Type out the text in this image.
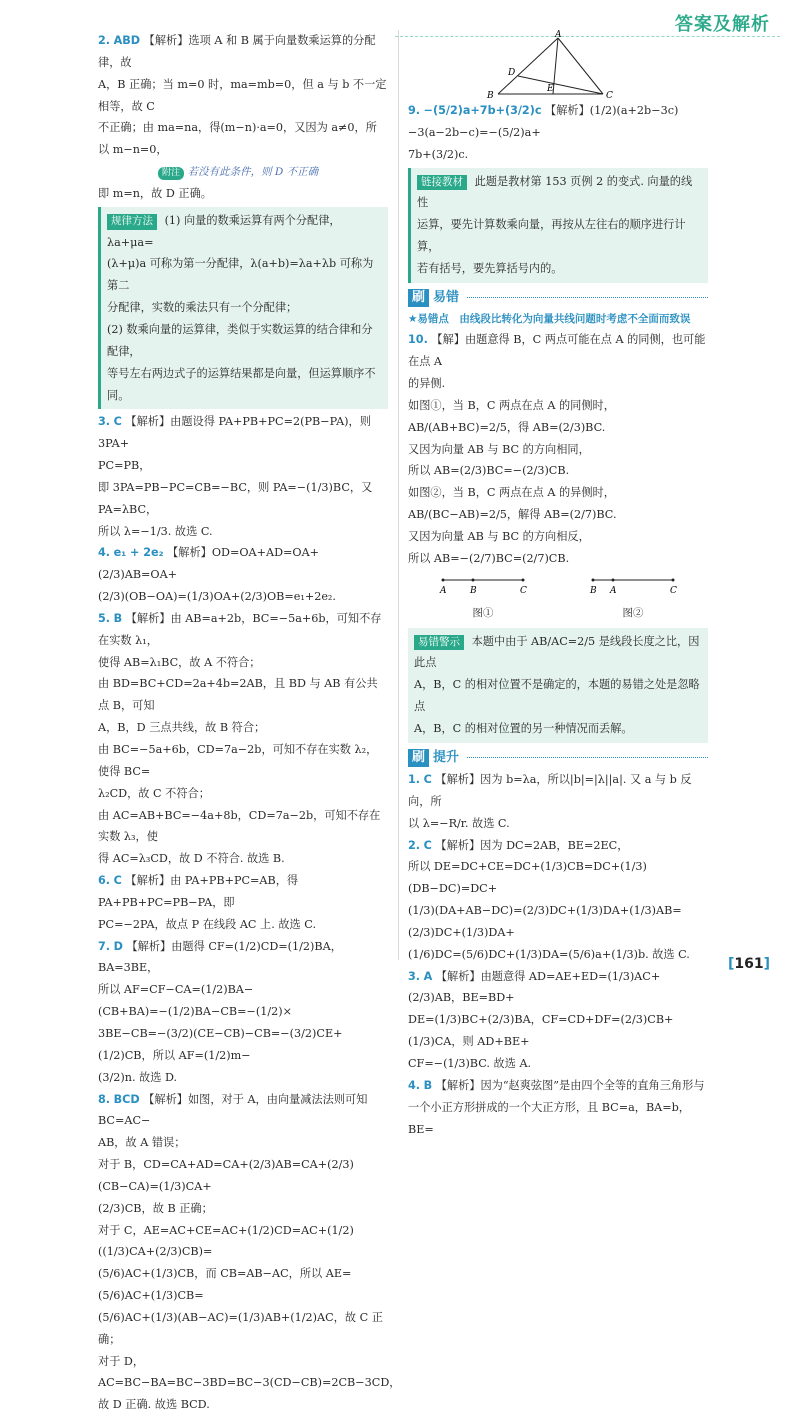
答案及解析
2. ABD 【解析】选项 A 和 B 属于向量数乘运算的分配律，故
A，B 正确；当 m=0 时，ma=mb=0，但 a 与 b 不一定相等，故 C
不正确；由 ma=na，得(m−n)·a=0，又因为 a≠0，所以 m−n=0，
附注 若没有此条件，则 D 不正确
即 m=n，故 D 正确。
规律方法 (1) 向量的数乘运算有两个分配律，λa+μa=
(λ+μ)a 可称为第一分配律，λ(a+b)=λa+λb 可称为第二
分配律，实数的乘法只有一个分配律；
(2) 数乘向量的运算律，类似于实数运算的结合律和分配律，
等号左右两边式子的运算结果都是向量，但运算顺序不同。
3. C 【解析】由题设得 PA+PB+PC=2(PB−PA)，则 3PA+
PC=PB，
即 3PA=PB−PC=CB=−BC，则 PA=−(1/3)BC，又 PA=λBC，
所以 λ=−1/3. 故选 C.
4. e₁ + 2e₂ 【解析】OD=OA+AD=OA+(2/3)AB=OA+
(2/3)(OB−OA)=(1/3)OA+(2/3)OB=e₁+2e₂.
5. B 【解析】由 AB=a+2b，BC=−5a+6b，可知不存在实数 λ₁，
使得 AB=λ₁BC，故 A 不符合；
由 BD=BC+CD=2a+4b=2AB，且 BD 与 AB 有公共点 B，可知
A，B，D 三点共线，故 B 符合；
由 BC=−5a+6b，CD=7a−2b，可知不存在实数 λ₂，使得 BC=
λ₂CD，故 C 不符合；
由 AC=AB+BC=−4a+8b，CD=7a−2b，可知不存在实数 λ₃，使
得 AC=λ₃CD，故 D 不符合. 故选 B.
6. C 【解析】由 PA+PB+PC=AB，得 PA+PB+PC=PB−PA，即
PC=−2PA，故点 P 在线段 AC 上. 故选 C.
7. D 【解析】由题得 CF=(1/2)CD=(1/2)BA，BA=3BE，
所以 AF=CF−CA=(1/2)BA−(CB+BA)=−(1/2)BA−CB=−(1/2)×
3BE−CB=−(3/2)(CE−CB)−CB=−(3/2)CE+(1/2)CB，所以 AF=(1/2)m−
(3/2)n. 故选 D.
8. BCD 【解析】如图，对于 A，由向量减法法则可知 BC=AC−
AB，故 A 错误；
对于 B，CD=CA+AD=CA+(2/3)AB=CA+(2/3)(CB−CA)=(1/3)CA+
(2/3)CB，故 B 正确；
对于 C，AE=AC+CE=AC+(1/2)CD=AC+(1/2)((1/3)CA+(2/3)CB)=
(5/6)AC+(1/3)CB，而 CB=AB−AC，所以 AE=(5/6)AC+(1/3)CB=
(5/6)AC+(1/3)(AB−AC)=(1/3)AB+(1/2)AC，故 C 正确；
对于 D，AC=BC−BA=BC−3BD=BC−3(CD−CB)=2CB−3CD，
故 D 正确. 故选 BCD.
A
B	C
D
E
9. −(5/2)a+7b+(3/2)c 【解析】(1/2)(a+2b−3c)−3(a−2b−c)=−(5/2)a+
7b+(3/2)c.
链接教材 此题是教材第 153 页例 2 的变式. 向量的线性
运算，要先计算数乘向量，再按从左往右的顺序进行计算，
若有括号，要先算括号内的。
刷 易错
★易错点　由线段比转化为向量共线问题时考虑不全面而致误
10. 【解】由题意得 B，C 两点可能在点 A 的同侧，也可能在点 A
的异侧.
如图①，当 B，C 两点在点 A 的同侧时，
AB/(AB+BC)=2/5，得 AB=(2/3)BC.
又因为向量 AB 与 BC 的方向相同，
所以 AB=(2/3)BC=−(2/3)CB.
如图②，当 B，C 两点在点 A 的异侧时，
AB/(BC−AB)=2/5，解得 AB=(2/7)BC.
又因为向量 AB 与 BC 的方向相反，
所以 AB=−(2/7)BC=(2/7)CB.
A	B	C
图①
B A	C
图②
易错警示 本题中由于 AB/AC=2/5 是线段长度之比，因此点
A，B，C 的相对位置不是确定的，本题的易错之处是忽略点
A，B，C 的相对位置的另一种情况而丢解。
刷 提升
1. C 【解析】因为 b=λa，所以|b|=|λ||a|. 又 a 与 b 反向，所
以 λ=−R/r. 故选 C.
2. C 【解析】因为 DC=2AB，BE=2EC，
所以 DE=DC+CE=DC+(1/3)CB=DC+(1/3)(DB−DC)=DC+
(1/3)(DA+AB−DC)=(2/3)DC+(1/3)DA+(1/3)AB=(2/3)DC+(1/3)DA+
(1/6)DC=(5/6)DC+(1/3)DA=(5/6)a+(1/3)b. 故选 C.
3. A 【解析】由题意得 AD=AE+ED=(1/3)AC+(2/3)AB，BE=BD+
DE=(1/3)BC+(2/3)BA，CF=CD+DF=(2/3)CB+(1/3)CA，则 AD+BE+
CF=−(1/3)BC. 故选 A.
4. B 【解析】因为“赵爽弦图”是由四个全等的直角三角形与
一个小正方形拼成的一个大正方形，且 BC=a，BA=b，BE=
[161]
